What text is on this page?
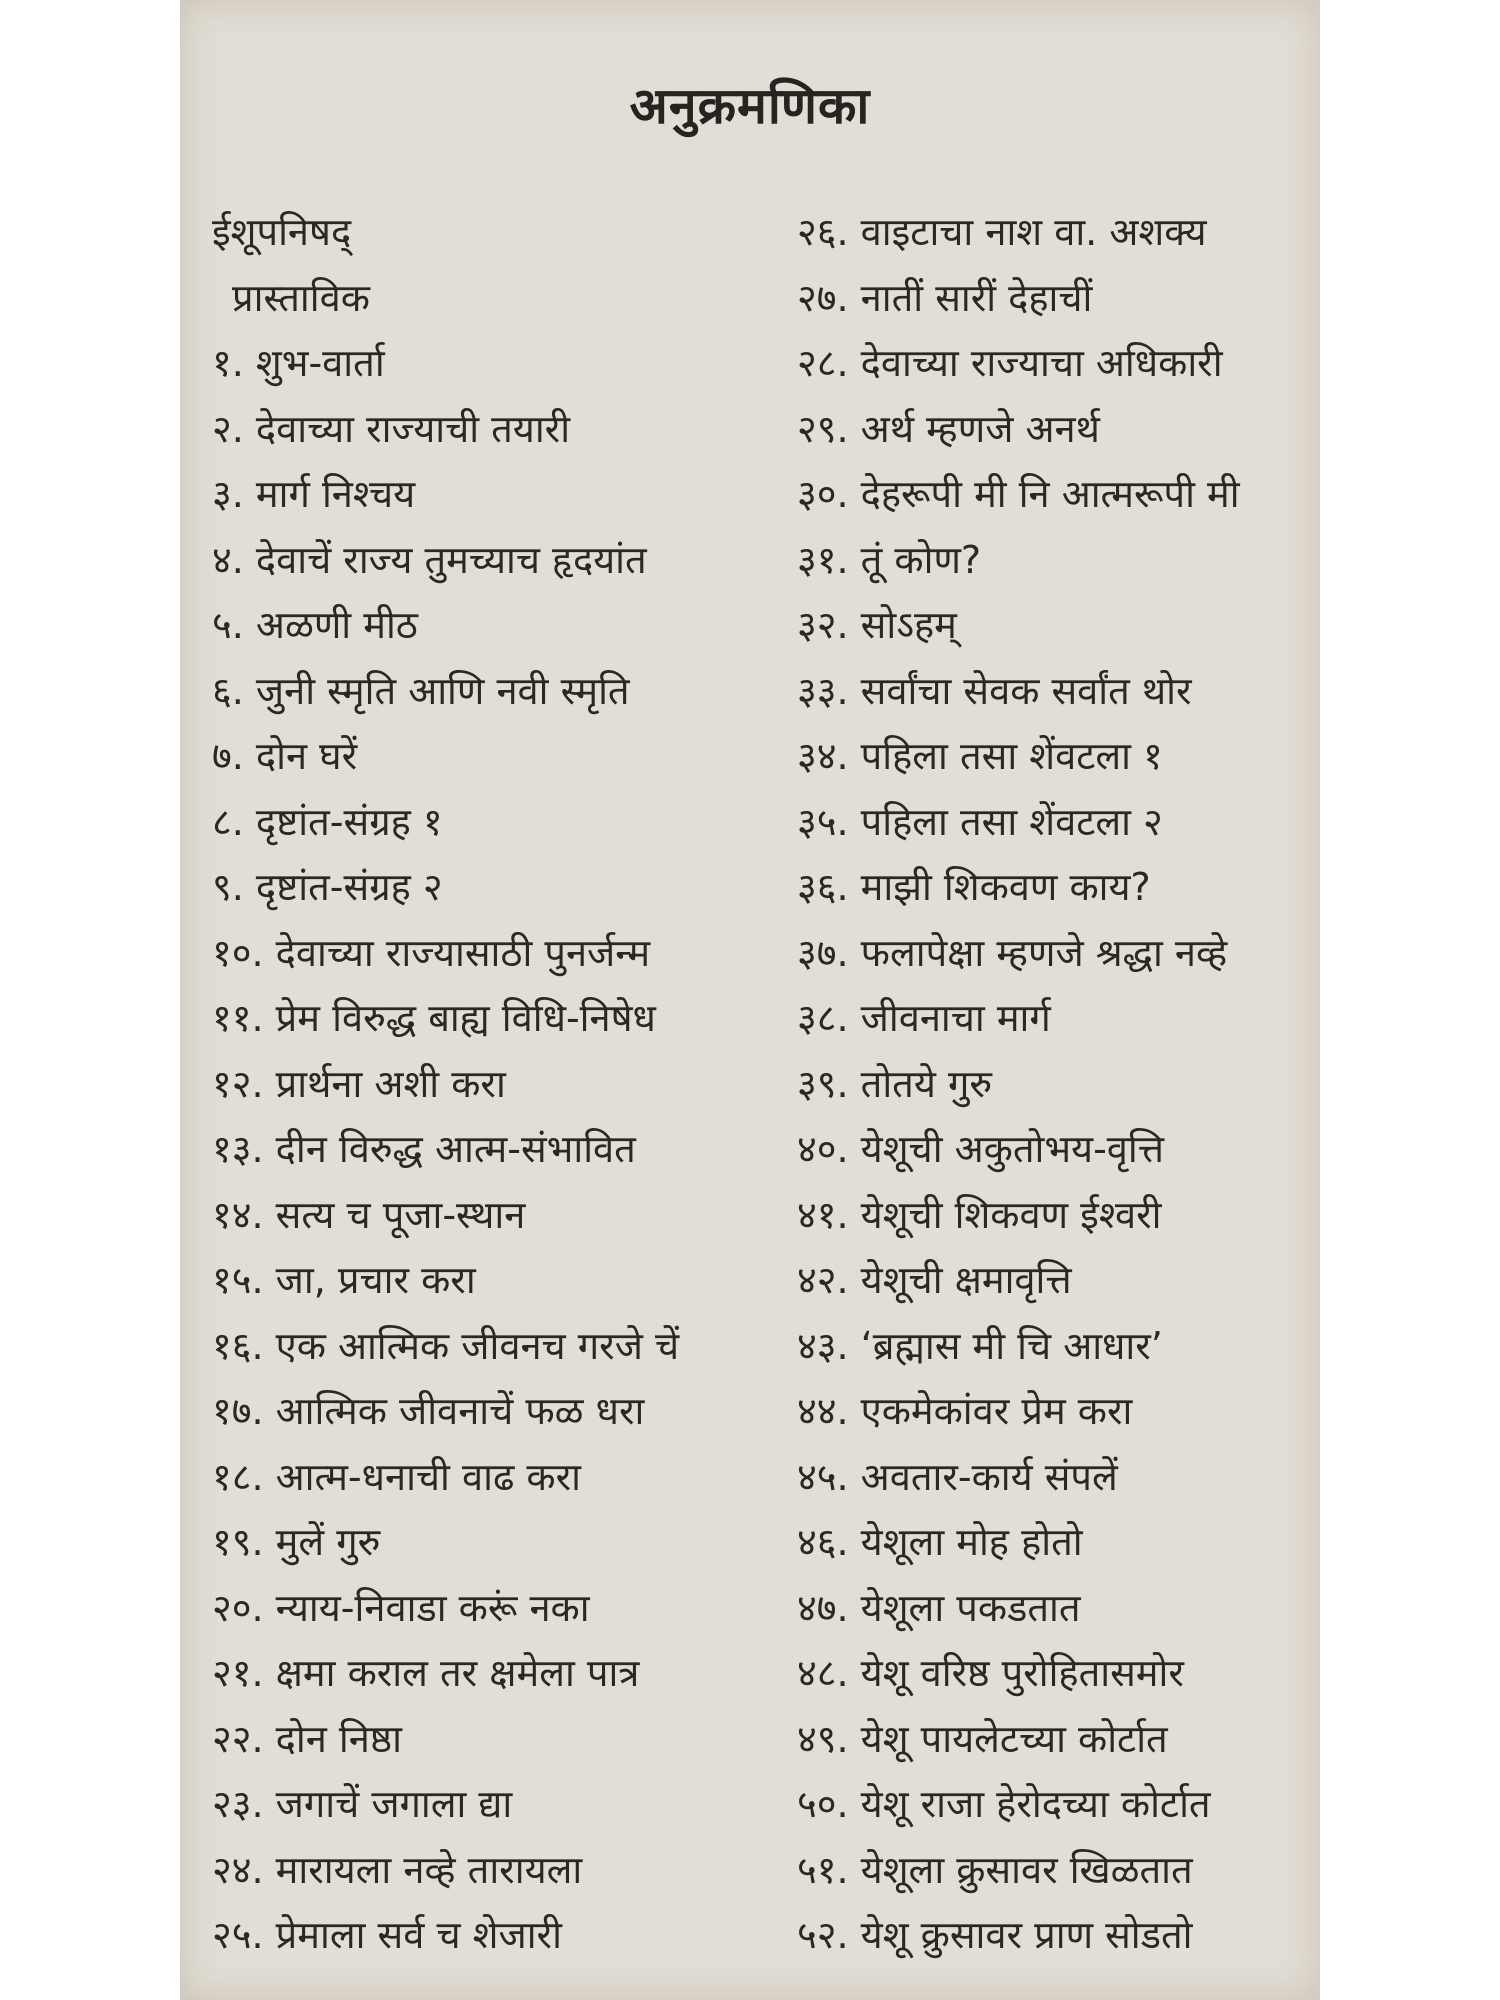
अनुक्रमणिका
ईशूपनिषद्
प्रास्ताविक
१. शुभ-वार्ता
२. देवाच्या राज्याची तयारी
३. मार्ग निश्चय
४. देवाचें राज्य तुमच्याच हृदयांत
५. अळणी मीठ
६. जुनी स्मृति आणि नवी स्मृति
७. दोन घरें
८. दृष्टांत-संग्रह १
९. दृष्टांत-संग्रह २
१०. देवाच्या राज्यासाठी पुनर्जन्म
११. प्रेम विरुद्ध बाह्य विधि-निषेध
१२. प्रार्थना अशी करा
१३. दीन विरुद्ध आत्म-संभावित
१४. सत्य च पूजा-स्थान
१५. जा, प्रचार करा
१६. एक आत्मिक जीवनच गरजे चें
१७. आत्मिक जीवनाचें फळ धरा
१८. आत्म-धनाची वाढ करा
१९. मुलें गुरु
२०. न्याय-निवाडा करूं नका
२१. क्षमा कराल तर क्षमेला पात्र
२२. दोन निष्ठा
२३. जगाचें जगाला द्या
२४. मारायला नव्हे तारायला
२५. प्रेमाला सर्व च शेजारी
२६. वाइटाचा नाश वा. अशक्य
२७. नातीं सारीं देहाचीं
२८. देवाच्या राज्याचा अधिकारी
२९. अर्थ म्हणजे अनर्थ
३०. देहरूपी मी नि आत्मरूपी मी
३१. तूं कोण?
३२. सोऽहम्
३३. सर्वांचा सेवक सर्वांत थोर
३४. पहिला तसा शेंवटला १
३५. पहिला तसा शेंवटला २
३६. माझी शिकवण काय?
३७. फलापेक्षा म्हणजे श्रद्धा नव्हे
३८. जीवनाचा मार्ग
३९. तोतये गुरु
४०. येशूची अकुतोभय-वृत्ति
४१. येशूची शिकवण ईश्वरी
४२. येशूची क्षमावृत्ति
४३. ‘ब्रह्मास मी चि आधार’
४४. एकमेकांवर प्रेम करा
४५. अवतार-कार्य संपलें
४६. येशूला मोह होतो
४७. येशूला पकडतात
४८. येशू वरिष्ठ पुरोहितासमोर
४९. येशू पायलेटच्या कोर्टात
५०. येशू राजा हेरोदच्या कोर्टात
५१. येशूला क्रुसावर खिळतात
५२. येशू क्रुसावर प्राण सोडतो
